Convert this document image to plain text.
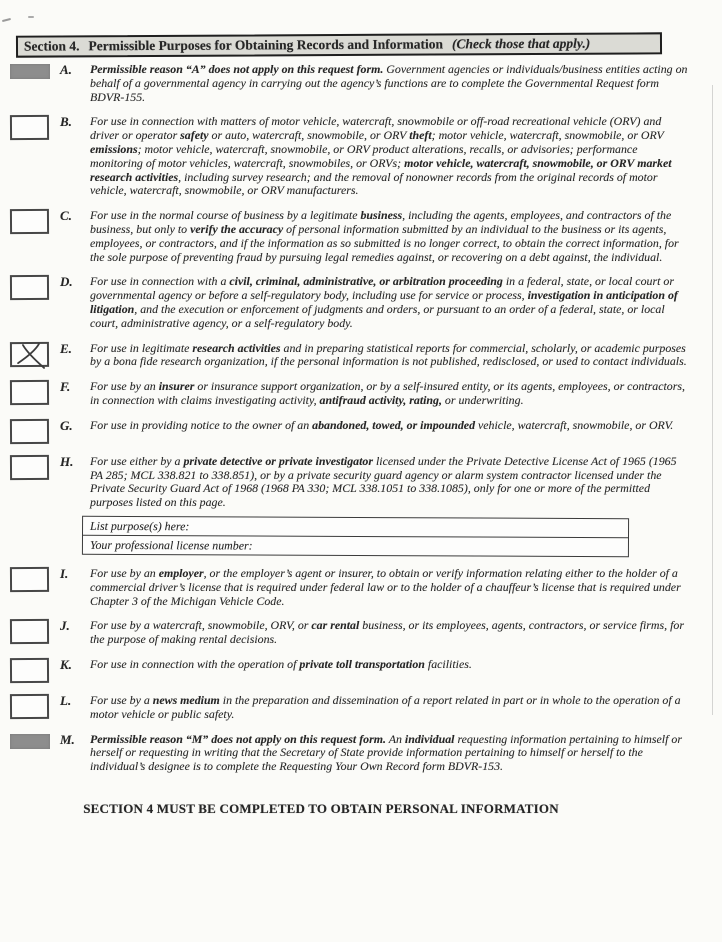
Section 4. Permissible Purposes for Obtaining Records and Information (Check those that apply.)
A.	Permissible reason “A” does not apply on this request form. Government agencies or individuals/business entities acting on behalf of a governmental agency in carrying out the agency’s functions are to complete the Governmental Request form BDVR-155.
B.	For use in connection with matters of motor vehicle, watercraft, snowmobile or off-road recreational vehicle (ORV) and driver or operator safety or auto, watercraft, snowmobile, or ORV theft; motor vehicle, watercraft, snowmobile, or ORV emissions; motor vehicle, watercraft, snowmobile, or ORV product alterations, recalls, or advisories; performance monitoring of motor vehicles, watercraft, snowmobiles, or ORVs; motor vehicle, watercraft, snowmobile, or ORV market research activities, including survey research; and the removal of nonowner records from the original records of motor vehicle, watercraft, snowmobile, or ORV manufacturers.
C.	For use in the normal course of business by a legitimate business, including the agents, employees, and contractors of the business, but only to verify the accuracy of personal information submitted by an individual to the business or its agents, employees, or contractors, and if the information as so submitted is no longer correct, to obtain the correct information, for the sole purpose of preventing fraud by pursuing legal remedies against, or recovering on a debt against, the individual.
D.	For use in connection with a civil, criminal, administrative, or arbitration proceeding in a federal, state, or local court or governmental agency or before a self-regulatory body, including use for service or process, investigation in anticipation of litigation, and the execution or enforcement of judgments and orders, or pursuant to an order of a federal, state, or local court, administrative agency, or a self-regulatory body.
E.	For use in legitimate research activities and in preparing statistical reports for commercial, scholarly, or academic purposes by a bona fide research organization, if the personal information is not published, redisclosed, or used to contact individuals.
F.	For use by an insurer or insurance support organization, or by a self-insured entity, or its agents, employees, or contractors, in connection with claims investigating activity, antifraud activity, rating, or underwriting.
G.	For use in providing notice to the owner of an abandoned, towed, or impounded vehicle, watercraft, snowmobile, or ORV.
H.	For use either by a private detective or private investigator licensed under the Private Detective License Act of 1965 (1965 PA 285; MCL 338.821 to 338.851), or by a private security guard agency or alarm system contractor licensed under the Private Security Guard Act of 1968 (1968 PA 330; MCL 338.1051 to 338.1085), only for one or more of the permitted purposes listed on this page.
List purpose(s) here:
Your professional license number:
I.	For use by an employer, or the employer’s agent or insurer, to obtain or verify information relating either to the holder of a commercial driver’s license that is required under federal law or to the holder of a chauffeur’s license that is required under Chapter 3 of the Michigan Vehicle Code.
J.	For use by a watercraft, snowmobile, ORV, or car rental business, or its employees, agents, contractors, or service firms, for the purpose of making rental decisions.
K.	For use in connection with the operation of private toll transportation facilities.
L.	For use by a news medium in the preparation and dissemination of a report related in part or in whole to the operation of a motor vehicle or public safety.
M.	Permissible reason “M” does not apply on this request form. An individual requesting information pertaining to himself or herself or requesting in writing that the Secretary of State provide information pertaining to himself or herself to the individual’s designee is to complete the Requesting Your Own Record form BDVR-153.
SECTION 4 MUST BE COMPLETED TO OBTAIN PERSONAL INFORMATION
